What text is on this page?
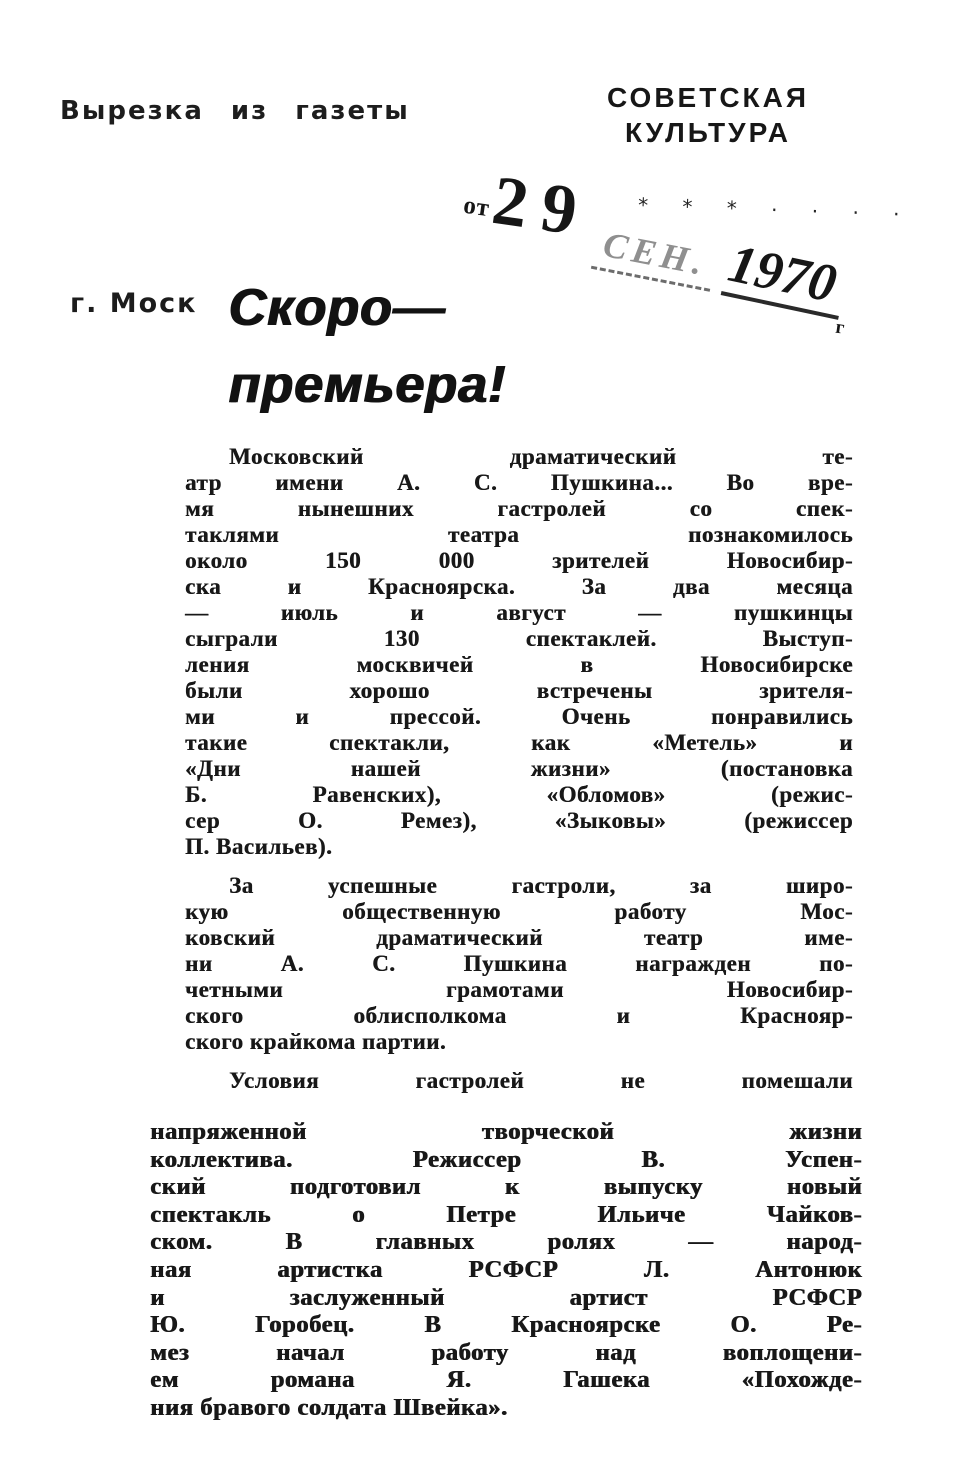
Вырезка из газеты	СОВЕТСКАЯ
КУЛЬТУРА
* * * · · · ·
от
29
СЕН. 1970
г
г. Моск Скоро—
премьера!
Московский драматический те-
атр имени А. С. Пушкина... Во вре-
мя нынешних гастролей со спек-
таклями театра познакомилось
около 150 000 зрителей Новосибир-
ска и Красноярска. За два месяца
— июль и август — пушкинцы
сыграли 130 спектаклей. Выступ-
ления москвичей в Новосибирске
были хорошо встречены зрителя-
ми и прессой. Очень понравились
такие спектакли, как «Метель» и
«Дни нашей жизни» (постановка
Б. Равенских), «Обломов» (режис-
сер О. Ремез), «Зыковы» (режиссер
П. Васильев).
За успешные гастроли, за широ-
кую общественную работу Мос-
ковский драматический театр име-
ни А. С. Пушкина награжден по-
четными грамотами Новосибир-
ского облисполкома и Краснояр-
ского крайкома партии.
Условия гастролей не помешали
напряженной творческой жизни
коллектива. Режиссер В. Успен-
ский подготовил к выпуску новый
спектакль о Петре Ильиче Чайков-
ском. В главных ролях — народ-
ная артистка РСФСР Л. Антонюк
и заслуженный артист РСФСР
Ю. Горобец. В Красноярске О. Ре-
мез начал работу над воплощени-
ем романа Я. Гашека «Похожде-
ния бравого солдата Швейка».
